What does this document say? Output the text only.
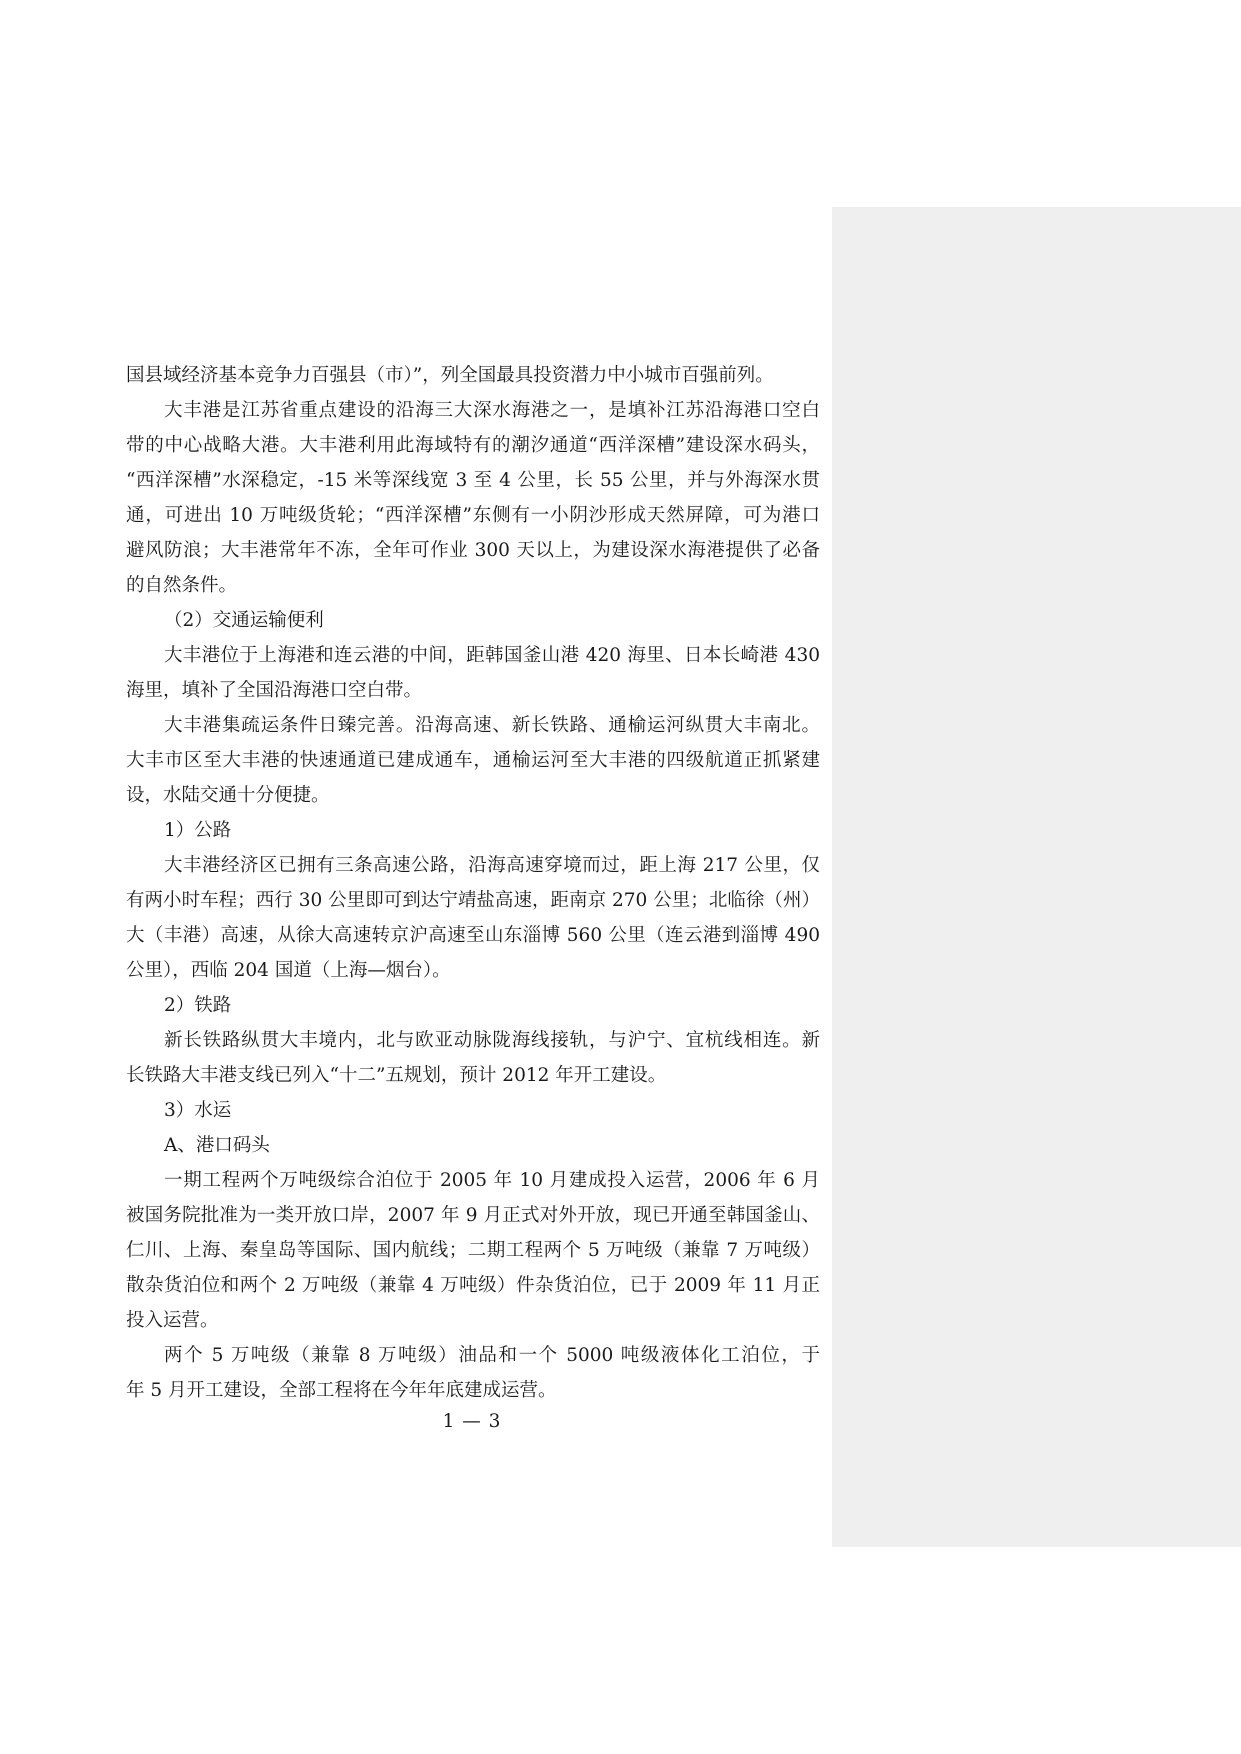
国县域经济基本竞争力百强县（市）”，列全国最具投资潜力中小城市百强前列。
大丰港是江苏省重点建设的沿海三大深水海港之一，是填补江苏沿海港口空白
带的中心战略大港。大丰港利用此海域特有的潮汐通道“西洋深槽”建设深水码头，
“西洋深槽”水深稳定，-15 米等深线宽 3 至 4 公里，长 55 公里，并与外海深水贯
通，可进出 10 万吨级货轮；“西洋深槽”东侧有一小阴沙形成天然屏障，可为港口
避风防浪；大丰港常年不冻，全年可作业 300 天以上，为建设深水海港提供了必备
的自然条件。
（2）交通运输便利
大丰港位于上海港和连云港的中间，距韩国釜山港 420 海里、日本长崎港 430
海里，填补了全国沿海港口空白带。
大丰港集疏运条件日臻完善。沿海高速、新长铁路、通榆运河纵贯大丰南北。
大丰市区至大丰港的快速通道已建成通车，通榆运河至大丰港的四级航道正抓紧建
设，水陆交通十分便捷。
1）公路
大丰港经济区已拥有三条高速公路，沿海高速穿境而过，距上海 217 公里，仅
有两小时车程；西行 30 公里即可到达宁靖盐高速，距南京 270 公里；北临徐（州）
大（丰港）高速，从徐大高速转京沪高速至山东淄博 560 公里（连云港到淄博 490
公里），西临 204 国道（上海—烟台）。
2）铁路
新长铁路纵贯大丰境内，北与欧亚动脉陇海线接轨，与沪宁、宜杭线相连。新
长铁路大丰港支线已列入“十二”五规划，预计 2012 年开工建设。
3）水运
A、港口码头
一期工程两个万吨级综合泊位于 2005 年 10 月建成投入运营，2006 年 6 月
被国务院批准为一类开放口岸，2007 年 9 月正式对外开放，现已开通至韩国釜山、
仁川、上海、秦皇岛等国际、国内航线；二期工程两个 5 万吨级（兼靠 7 万吨级）
散杂货泊位和两个 2 万吨级（兼靠 4 万吨级）件杂货泊位，已于 2009 年 11 月正
投入运营。
两个 5 万吨级（兼靠 8 万吨级）油品和一个 5000 吨级液体化工泊位，于
年 5 月开工建设，全部工程将在今年年底建成运营。
1 — 3
